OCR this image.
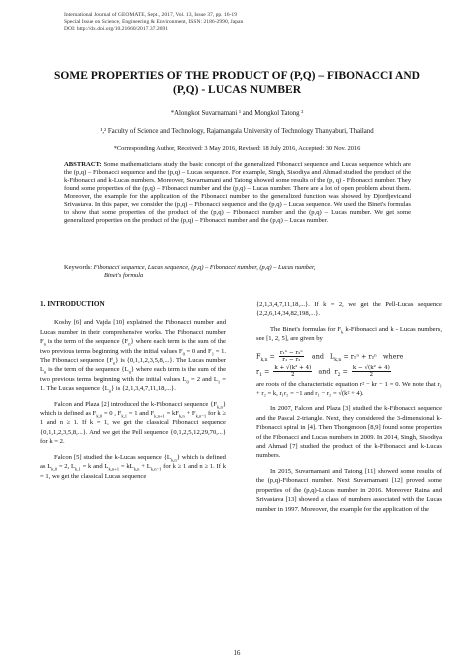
International Journal of GEOMATE, Sept., 2017, Vol. 13, Issue 37, pp. 16-19
Special Issue on Science, Engineering & Environment, ISSN: 2186-2990, Japan
DOI: http://dx.doi.org/10.21660/2017.37.2691
SOME PROPERTIES OF THE PRODUCT OF (P,Q) – FIBONACCI AND (P,Q) - LUCAS NUMBER
*Alongkot Suvarnamani ¹ and Mongkol Tatong ²
¹,² Faculty of Science and Technology, Rajamangala University of Technology Thanyaburi, Thailand
*Corresponding Author, Received: 3 May 2016, Revised: 18 July 2016, Accepted: 30 Nov. 2016
ABSTRACT: Some mathematicians study the basic concept of the generalized Fibonacci sequence and Lucas sequence which are the (p,q) – Fibonacci sequence and the (p,q) – Lucas sequence. For example, Singh, Sisodiya and Ahmad studied the product of the k-Fibonacci and k-Lucas numbers. Moreover, Suvarnamani and Tatong showed some results of the (p, q) - Fibonacci number. They found some properties of the (p,q) – Fibonacci number and the (p,q) – Lucas number. There are a lot of open problem about them. Moreover, the example for the application of the Fibonacci number to the generalized function was showed by Djordjevicand Srivastava. In this paper, we consider the (p,q) – Fibonacci sequence and the (p,q) – Lucas sequence. We used the Binet's formulas to show that some properties of the product of the (p,q) – Fibonacci number and the (p,q) – Lucas number. We get some generalized properties on the product of the (p,q) – Fibonacci number and the (p,q) – Lucas number.
Keywords: Fibonacci sequence, Lucas sequence, (p,q) – Fibonacci number, (p,q) – Lucas number,
Binet's formula
1. INTRODUCTION

Koshy [6] and Vajda [10] explained the Fibonacci number and Lucas number in their comprehensive works. The Fibonacci number $F_n$ is the term of the sequence $\{F_n\}$ where each term is the sum of the two previous terms beginning with the initial values $F_0 = 0$ and $F_1 = 1$. The Fibonacci sequence $\{F_n\}$ is {0,1,1,2,3,5,8,...}. The Lucas number $L_n$ is the term of the sequence $\{L_n\}$ where each term is the sum of the two previous terms beginning with the initial values $L_0 = 2$ and $L_1 = 1$. The Lucas sequence $\{L_n\}$ is {2,1,3,4,7,11,18,...}.

Falcon and Plaza [2] introduced the k-Fibonacci sequence $\{F_{k,n}\}$ which is defined as $F_{k,0} = 0$ , $F_{k,1} = 1$ and $F_{k,n+1} = kF_{k,n} + F_{k,n-1}$ for k ≥ 1 and n ≥ 1. If k = 1, we get the classical Fibonacci sequence {0,1,1,2,3,5,8,...}. And we get the Pell sequence {0,1,2,5,12,29,70,...} for k = 2.

Falcon [5] studied the k-Lucas sequence $\{L_{k,n}\}$ which is defined as $L_{k,0} = 2$, $L_{k,1} = k$ and $L_{k,n+1} = kL_{k,n} + L_{k,n-1}$ for k ≥ 1 and n ≥ 1. If k = 1, we get the classical Lucas sequence

{2,1,3,4,7,11,18,...}. If k = 2, we get the Pell-Lucas sequence {2,2,6,14,34,82,198,...}.

The Binet's formulas for $F_k$ k-Fibonacci and k - Lucas numbers, see [1, 2, 5], are given by

$F_{k,n} = \frac{\text{r₁ⁿ − r₂ⁿ}}{\text{r₁ − r₂}}$ and $L_{k,n} = r_1^n + r_2^n$ where
$r_1 = \frac{\text{k + √(k² + 4)}}{2}$ and  $r_2 = \frac{\text{k − √(k² + 4)}}{2}$

are roots of the characteristic equation r² − kr − 1 = 0. We note that r₁ + r₂ = k, r₁r₂ = −1 and r₁ − r₂ = √(k² + 4).

In 2007, Falcon and Plaza [3] studied the k-Fibonacci sequence and the Pascal 2-triangle. Next, they considered the 3-dimensional k-Fibonacci spiral in [4]. Then Thongmoon [8,9] found some properties of the Fibonacci and Lucas numbers in 2009. In 2014, Singh, Sisodiya and Ahmad [7] studied the product of the k-Fibonacci and k-Lucas numbers.

In 2015, Suvarnamani and Tatong [11] showed some results of the (p,q)-Fibonacci number. Next Suvarnamani [12] proved some properties of the (p,q)-Lucas number in 2016. Moreover Raina and Srivastava [13] showed a class of numbers associated with the Lucas number in 1997. Moreover, the example for the application of the

16
